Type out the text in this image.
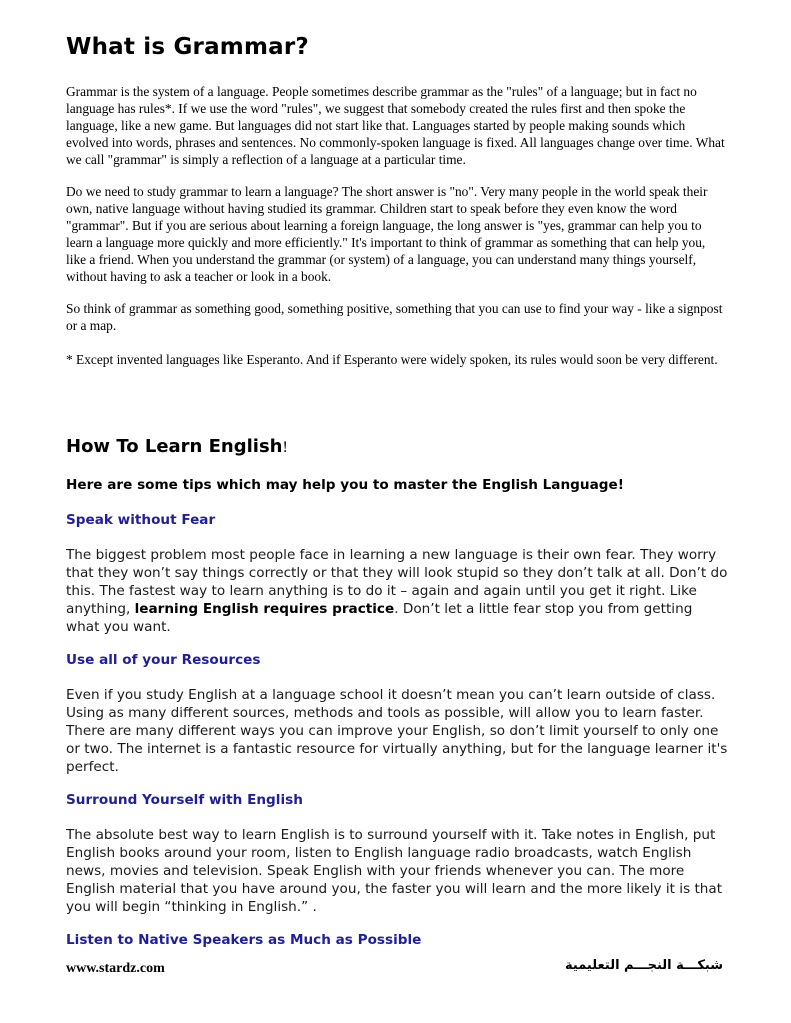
What is Grammar?

Grammar is the system of a language. People sometimes describe grammar as the "rules" of a language; but in fact no language has rules*. If we use the word "rules", we suggest that somebody created the rules first and then spoke the language, like a new game. But languages did not start like that. Languages started by people making sounds which evolved into words, phrases and sentences. No commonly-spoken language is fixed. All languages change over time. What we call "grammar" is simply a reflection of a language at a particular time.

Do we need to study grammar to learn a language? The short answer is "no". Very many people in the world speak their own, native language without having studied its grammar. Children start to speak before they even know the word "grammar". But if you are serious about learning a foreign language, the long answer is "yes, grammar can help you to learn a language more quickly and more efficiently." It's important to think of grammar as something that can help you, like a friend. When you understand the grammar (or system) of a language, you can understand many things yourself, without having to ask a teacher or look in a book.

So think of grammar as something good, something positive, something that you can use to find your way - like a signpost or a map.

* Except invented languages like Esperanto. And if Esperanto were widely spoken, its rules would soon be very different.

How To Learn English!

Here are some tips which may help you to master the English Language!

Speak without Fear

The biggest problem most people face in learning a new language is their own fear. They worry that they won’t say things correctly or that they will look stupid so they don’t talk at all. Don’t do this. The fastest way to learn anything is to do it – again and again until you get it right. Like anything, learning English requires practice. Don’t let a little fear stop you from getting what you want.

Use all of your Resources

Even if you study English at a language school it doesn’t mean you can’t learn outside of class. Using as many different sources, methods and tools as possible, will allow you to learn faster. There are many different ways you can improve your English, so don’t limit yourself to only one or two. The internet is a fantastic resource for virtually anything, but for the language learner it's perfect.

Surround Yourself with English

The absolute best way to learn English is to surround yourself with it. Take notes in English, put English books around your room, listen to English language radio broadcasts, watch English news, movies and television. Speak English with your friends whenever you can. The more English material that you have around you, the faster you will learn and the more likely it is that you will begin “thinking in English.” .

Listen to Native Speakers as Much as Possible

www.stardz.com	شبكـــة النجـــم التعليمية
